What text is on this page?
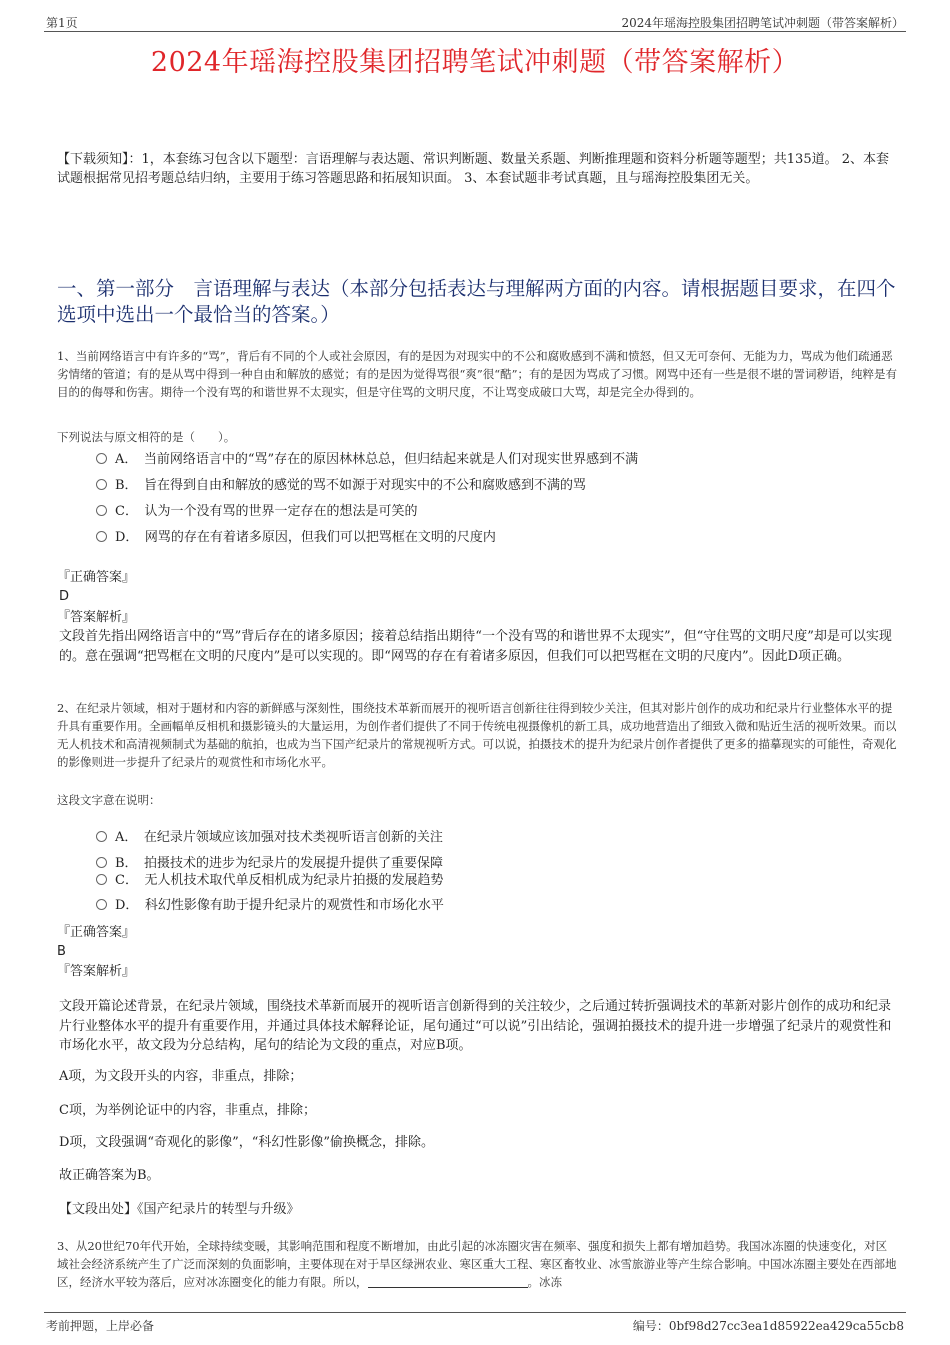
第1页	2024年瑶海控股集团招聘笔试冲刺题（带答案解析）
2024年瑶海控股集团招聘笔试冲刺题（带答案解析）
【下载须知】：1，本套练习包含以下题型：言语理解与表达题、常识判断题、数量关系题、判断推理题和资料分析题等题型；共135道。 2、本套试题根据常见招考题总结归纳，主要用于练习答题思路和拓展知识面。 3、本套试题非考试真题，且与瑶海控股集团无关。
一、第一部分　言语理解与表达（本部分包括表达与理解两方面的内容。请根据题目要求，在四个选项中选出一个最恰当的答案。）
1、当前网络语言中有许多的“骂”，背后有不同的个人或社会原因，有的是因为对现实中的不公和腐败感到不满和愤怒，但又无可奈何、无能为力，骂成为他们疏通恶劣情绪的管道；有的是从骂中得到一种自由和解放的感觉；有的是因为觉得骂很“爽”很“酷”；有的是因为骂成了习惯。网骂中还有一些是很不堪的詈词秽语，纯粹是有目的的侮辱和伤害。期待一个没有骂的和谐世界不太现实，但是守住骂的文明尺度，不让骂变成破口大骂，却是完全办得到的。
下列说法与原文相符的是（　　）。
A．　当前网络语言中的“骂”存在的原因林林总总，但归结起来就是人们对现实世界感到不满
B．　旨在得到自由和解放的感觉的骂不如源于对现实中的不公和腐败感到不满的骂
C．　认为一个没有骂的世界一定存在的想法是可笑的
D．　网骂的存在有着诸多原因，但我们可以把骂框在文明的尺度内
『正确答案』
D
『答案解析』
文段首先指出网络语言中的“骂”背后存在的诸多原因；接着总结指出期待“一个没有骂的和谐世界不太现实”，但“守住骂的文明尺度”却是可以实现的。意在强调“把骂框在文明的尺度内”是可以实现的。即“网骂的存在有着诸多原因，但我们可以把骂框在文明的尺度内”。因此D项正确。
2、在纪录片领域，相对于题材和内容的新鲜感与深刻性，围绕技术革新而展开的视听语言创新往往得到较少关注，但其对影片创作的成功和纪录片行业整体水平的提升具有重要作用。全画幅单反相机和摄影镜头的大量运用，为创作者们提供了不同于传统电视摄像机的新工具，成功地营造出了细致入微和贴近生活的视听效果。而以无人机技术和高清视频制式为基础的航拍，也成为当下国产纪录片的常规视听方式。可以说，拍摄技术的提升为纪录片创作者提供了更多的描摹现实的可能性，奇观化的影像则进一步提升了纪录片的观赏性和市场化水平。
这段文字意在说明：
A．　在纪录片领域应该加强对技术类视听语言创新的关注
B．　拍摄技术的进步为纪录片的发展提升提供了重要保障
C．　无人机技术取代单反相机成为纪录片拍摄的发展趋势
D．　科幻性影像有助于提升纪录片的观赏性和市场化水平
『正确答案』
B
『答案解析』
文段开篇论述背景，在纪录片领域，围绕技术革新而展开的视听语言创新得到的关注较少，之后通过转折强调技术的革新对影片创作的成功和纪录片行业整体水平的提升有重要作用，并通过具体技术解释论证，尾句通过“可以说”引出结论，强调拍摄技术的提升进一步增强了纪录片的观赏性和市场化水平，故文段为分总结构，尾句的结论为文段的重点，对应B项。
A项，为文段开头的内容，非重点，排除；
C项，为举例论证中的内容，非重点，排除；
D项，文段强调“奇观化的影像”，“科幻性影像”偷换概念，排除。
故正确答案为B。
【文段出处】《国产纪录片的转型与升级》
3、从20世纪70年代开始，全球持续变暖，其影响范围和程度不断增加，由此引起的冰冻圈灾害在频率、强度和损失上都有增加趋势。我国冰冻圈的快速变化，对区域社会经济系统产生了广泛而深刻的负面影响，主要体现在对于旱区绿洲农业、寒区重大工程、寒区畜牧业、冰雪旅游业等产生综合影响。中国冰冻圈主要处在西部地区，经济水平较为落后，应对冰冻圈变化的能力有限。所以，	。冰冻
考前押题，上岸必备	编号：0bf98d27cc3ea1d85922ea429ca55cb8
